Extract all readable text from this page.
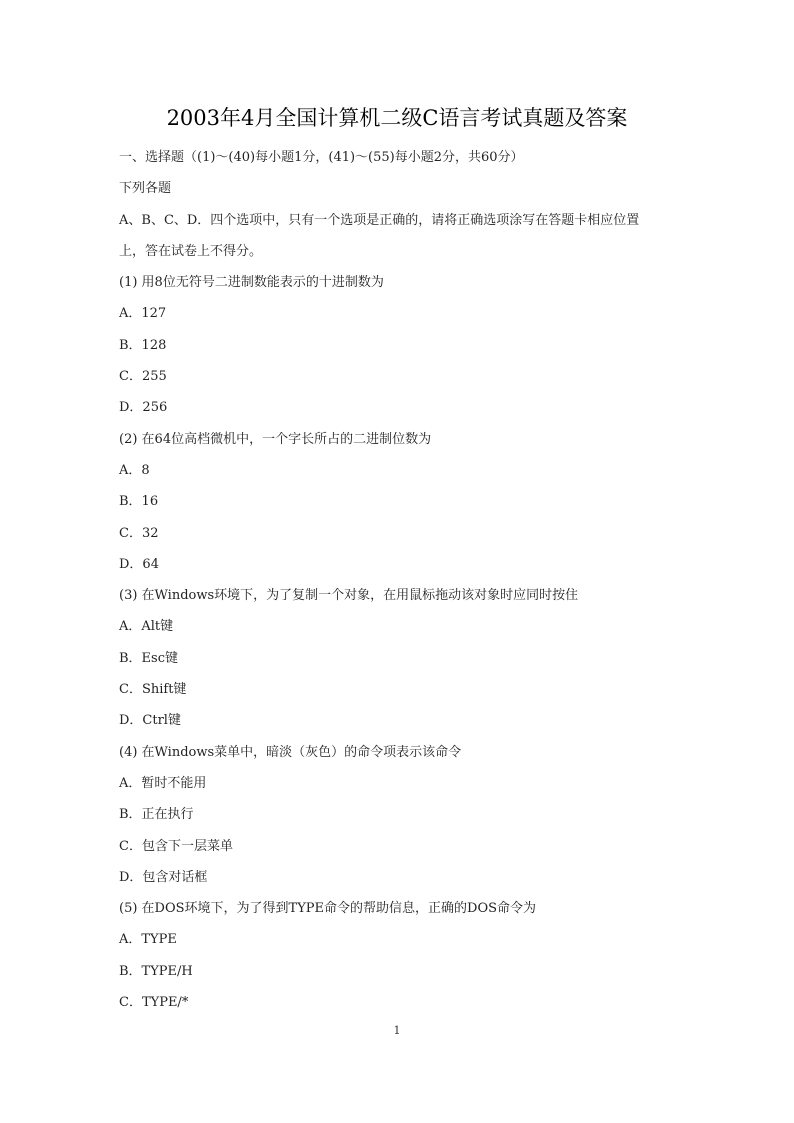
2003年4月全国计算机二级C语言考试真题及答案
一、选择题（(1)～(40)每小题1分，(41)～(55)每小题2分，共60分）
下列各题
A、B、C、D．四个选项中，只有一个选项是正确的，请将正确选项涂写在答题卡相应位置
上，答在试卷上不得分。
(1) 用8位无符号二进制数能表示的十进制数为
A．127
B．128
C．255
D．256
(2) 在64位高档微机中，一个字长所占的二进制位数为
A．8
B．16
C．32
D．64
(3) 在Windows环境下，为了复制一个对象，在用鼠标拖动该对象时应同时按住
A．Alt键
B．Esc键
C．Shift键
D．Ctrl键
(4) 在Windows菜单中，暗淡（灰色）的命令项表示该命令
A．暂时不能用
B．正在执行
C．包含下一层菜单
D．包含对话框
(5) 在DOS环境下，为了得到TYPE命令的帮助信息，正确的DOS命令为
A．TYPE
B．TYPE/H
C．TYPE/*
1
